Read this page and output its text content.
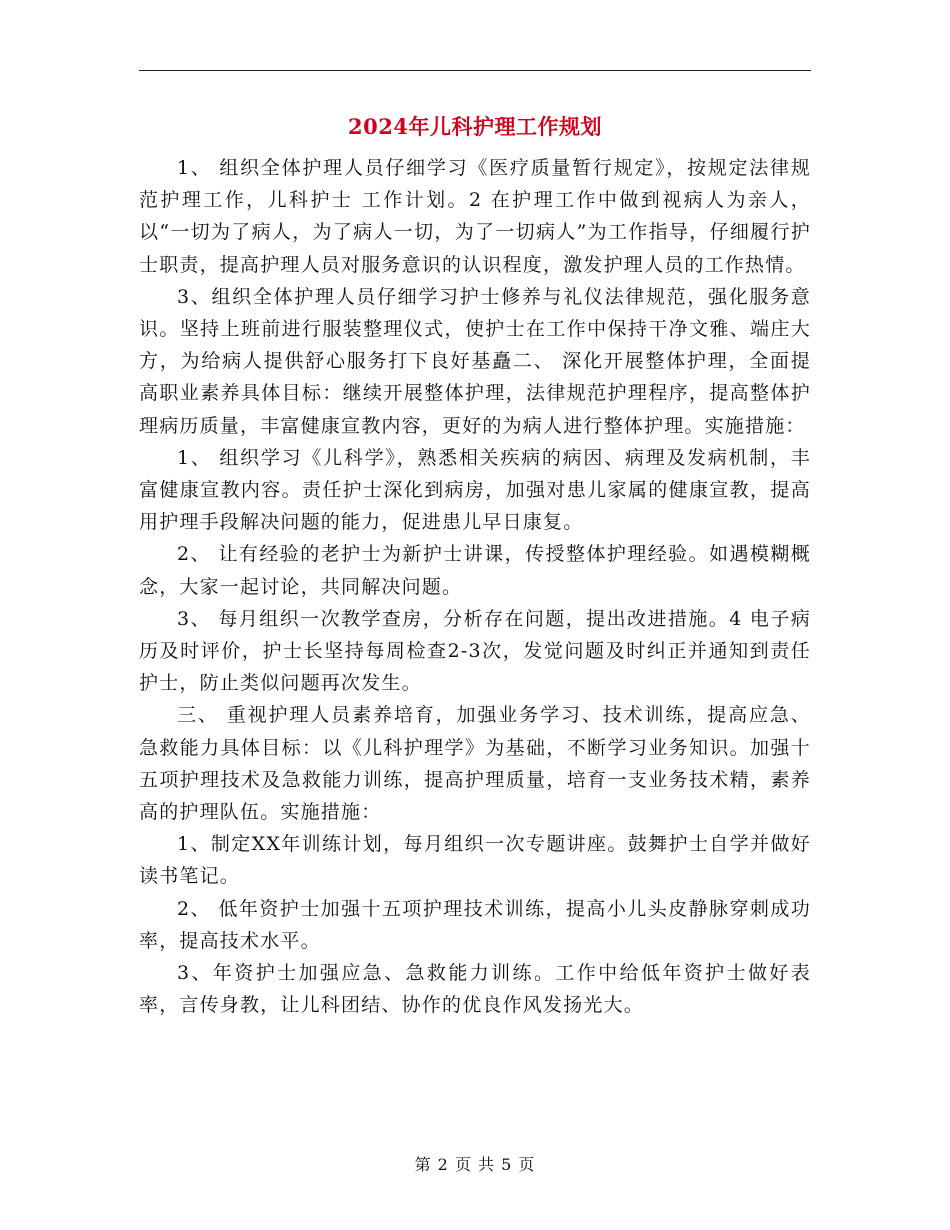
2024年儿科护理工作规划

1、 组织全体护理人员仔细学习《医疗质量暂行规定》，按规定法律规范护理工作，儿科护士 工作计划。2 在护理工作中做到视病人为亲人，以“一切为了病人，为了病人一切，为了一切病人”为工作指导，仔细履行护士职责，提高护理人员对服务意识的认识程度，激发护理人员的工作热情。

3、组织全体护理人员仔细学习护士修养与礼仪法律规范，强化服务意识。坚持上班前进行服装整理仪式，使护士在工作中保持干净文雅、端庄大方，为给病人提供舒心服务打下良好基矗二、 深化开展整体护理，全面提高职业素养具体目标：继续开展整体护理，法律规范护理程序，提高整体护理病历质量，丰富健康宣教内容，更好的为病人进行整体护理。实施措施：

1、 组织学习《儿科学》，熟悉相关疾病的病因、病理及发病机制，丰富健康宣教内容。责任护士深化到病房，加强对患儿家属的健康宣教，提高用护理手段解决问题的能力，促进患儿早日康复。

2、 让有经验的老护士为新护士讲课，传授整体护理经验。如遇模糊概念，大家一起讨论，共同解决问题。

3、 每月组织一次教学查房，分析存在问题，提出改进措施。4 电子病历及时评价，护士长坚持每周检查2-3次，发觉问题及时纠正并通知到责任护士，防止类似问题再次发生。

三、 重视护理人员素养培育，加强业务学习、技术训练，提高应急、 急救能力具体目标：以《儿科护理学》为基础，不断学习业务知识。加强十五项护理技术及急救能力训练，提高护理质量，培育一支业务技术精，素养高的护理队伍。实施措施：

1、制定XX年训练计划，每月组织一次专题讲座。鼓舞护士自学并做好读书笔记。

2、 低年资护士加强十五项护理技术训练，提高小儿头皮静脉穿刺成功率，提高技术水平。

3、年资护士加强应急、急救能力训练。工作中给低年资护士做好表率，言传身教，让儿科团结、协作的优良作风发扬光大。

第 2 页 共 5 页
